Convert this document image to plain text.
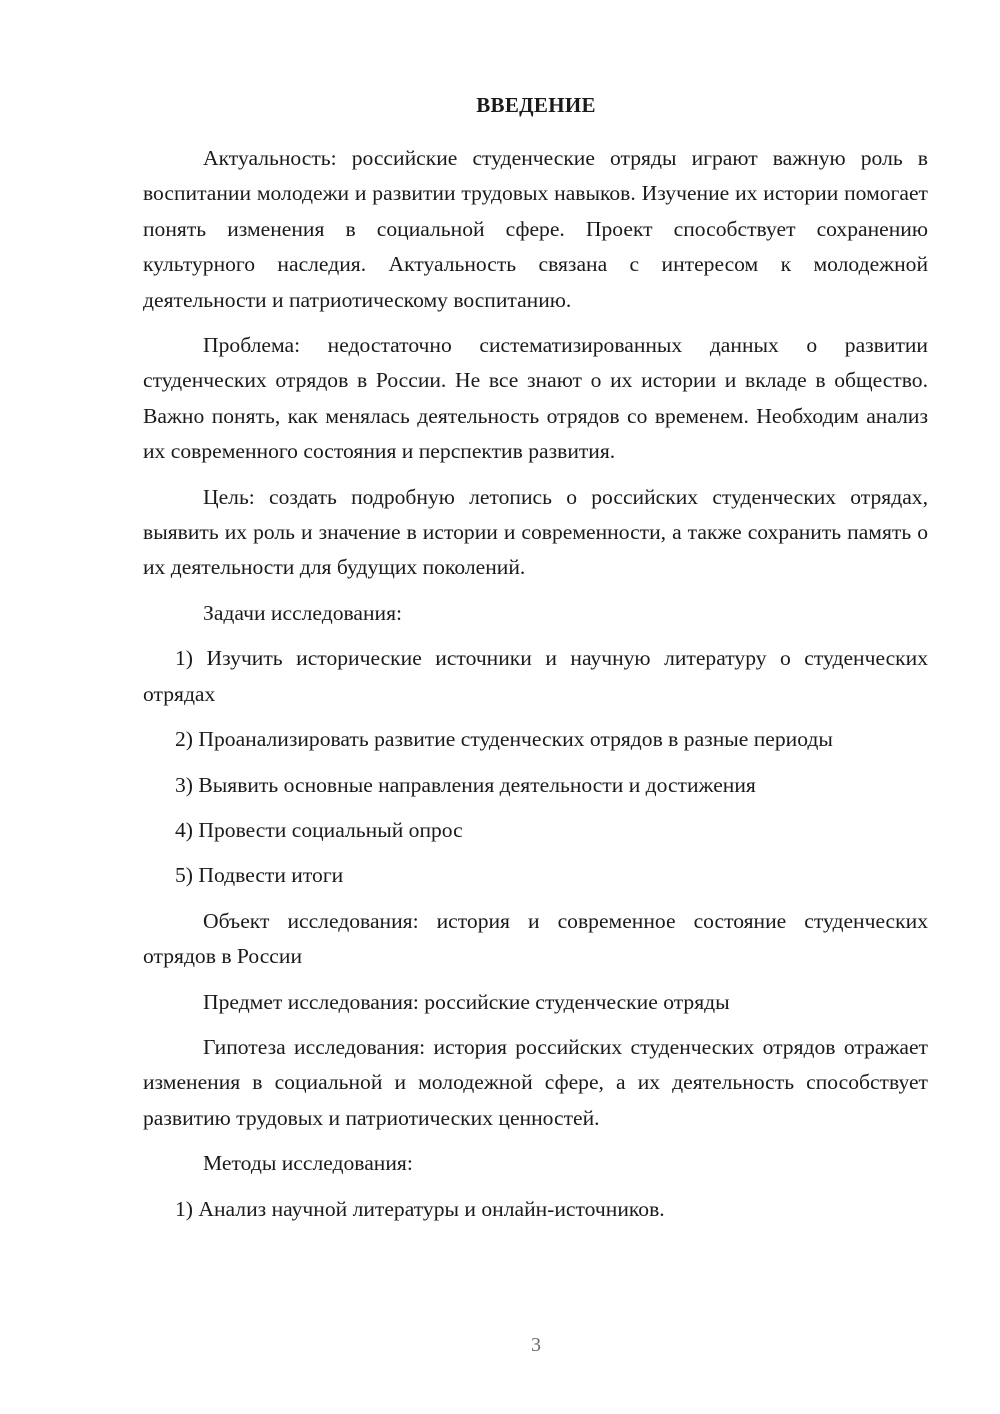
ВВЕДЕНИЕ

Актуальность: российские студенческие отряды играют важную роль в воспитании молодежи и развитии трудовых навыков. Изучение их истории помогает понять изменения в социальной сфере. Проект способствует сохранению культурного наследия. Актуальность связана с интересом к молодежной деятельности и патриотическому воспитанию.

Проблема: недостаточно систематизированных данных о развитии студенческих отрядов в России. Не все знают о их истории и вкладе в общество. Важно понять, как менялась деятельность отрядов со временем. Необходим анализ их современного состояния и перспектив развития.

Цель: создать подробную летопись о российских студенческих отрядах, выявить их роль и значение в истории и современности, а также сохранить память о их деятельности для будущих поколений.

Задачи исследования:

1) Изучить исторические источники и научную литературу о студенческих отрядах

2) Проанализировать развитие студенческих отрядов в разные периоды

3) Выявить основные направления деятельности и достижения

4) Провести социальный опрос

5) Подвести итоги

Объект исследования: история и современное состояние студенческих отрядов в России

Предмет исследования: российские студенческие отряды

Гипотеза исследования: история российских студенческих отрядов отражает изменения в социальной и молодежной сфере, а их деятельность способствует развитию трудовых и патриотических ценностей.

Методы исследования:

1) Анализ научной литературы и онлайн-источников.

3
